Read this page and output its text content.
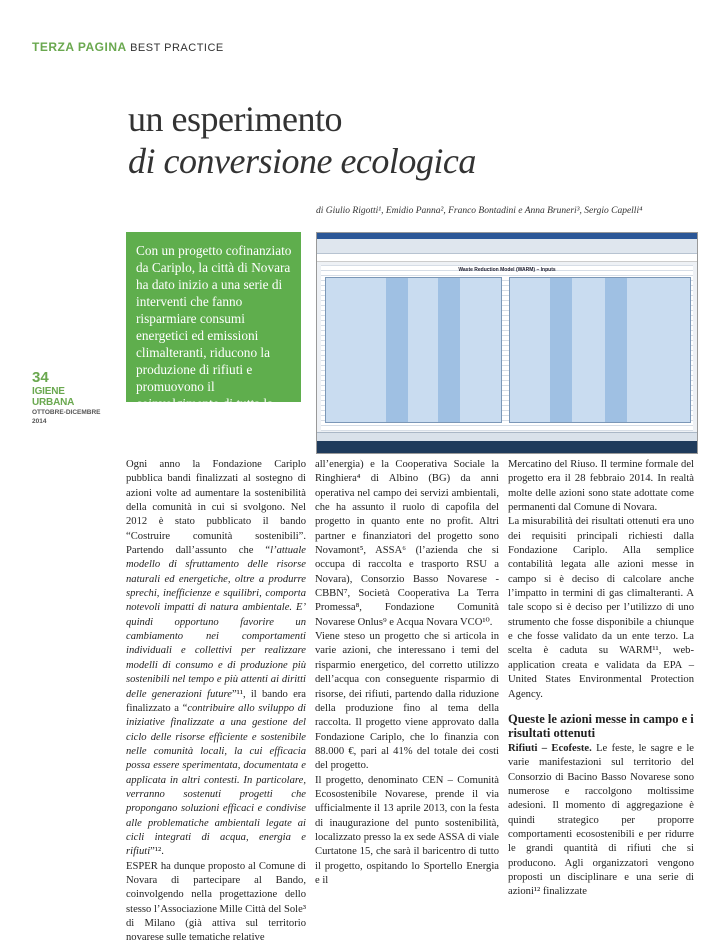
TERZA PAGINA BEST PRACTICE
un esperimento
di conversione ecologica
di Giulio Rigotti¹, Emidio Panna², Franco Bontadini e Anna Bruneri³, Sergio Capelli⁴
Con un progetto cofinanziato da Cariplo, la città di Novara ha dato inizio a una serie di interventi che fanno risparmiare consumi energetici ed emissioni climalteranti, riducono la produzione di rifiuti e promuovono il coinvolgimento di tutta la cittadinanza.
34
IGIENE URBANA
OTTOBRE-DICEMBRE 2014
Waste Reduction Model (WARM) – Inputs

Ogni anno la Fondazione Cariplo pubblica bandi finalizzati al sostegno di azioni volte ad aumentare la sostenibilità della comunità in cui si svolgono. Nel 2012 è stato pubblicato il bando “Costruire comunità sostenibili”. Partendo dall’assunto che “l’attuale modello di sfruttamento delle risorse naturali ed energetiche, oltre a produrre sprechi, inefficienze e squilibri, comporta notevoli impatti di natura ambientale. E’ quindi opportuno favorire un cambiamento nei comportamenti individuali e collettivi per realizzare modelli di consumo e di produzione più sostenibili nel tempo e più attenti ai diritti delle generazioni future”¹¹, il bando era finalizzato a “contribuire allo sviluppo di iniziative finalizzate a una gestione del ciclo delle risorse efficiente e sostenibile nelle comunità locali, la cui efficacia possa essere sperimentata, documentata e applicata in altri contesti. In particolare, verranno sostenuti progetti che propongano soluzioni efficaci e condivise alle problematiche ambientali legate ai cicli integrati di acqua, energia e rifiuti”¹².

ESPER ha dunque proposto al Comune di Novara di partecipare al Bando, coinvolgendo nella progettazione dello stesso l’Associazione Mille Città del Sole³ di Milano (già attiva sul territorio novarese sulle tematiche relative

all’energia) e la Cooperativa Sociale la Ringhiera⁴ di Albino (BG) da anni operativa nel campo dei servizi ambientali, che ha assunto il ruolo di capofila del progetto in quanto ente no profit. Altri partner e finanziatori del progetto sono Novamont⁵, ASSA⁶ (l’azienda che si occupa di raccolta e trasporto RSU a Novara), Consorzio Basso Novarese - CBBN⁷, Società Cooperativa La Terra Promessa⁸, Fondazione Comunità Novarese Onlus⁹ e Acqua Novara VCO¹⁰.

Viene steso un progetto che si articola in varie azioni, che interessano i temi del risparmio energetico, del corretto utilizzo dell’acqua con conseguente risparmio di risorse, dei rifiuti, partendo dalla riduzione della produzione fino al tema della raccolta. Il progetto viene approvato dalla Fondazione Cariplo, che lo finanzia con 88.000 €, pari al 41% del totale dei costi del progetto.

Il progetto, denominato CEN – Comunità Ecosostenibile Novarese, prende il via ufficialmente il 13 aprile 2013, con la festa di inaugurazione del punto sostenibilità, localizzato presso la ex sede ASSA di viale Curtatone 15, che sarà il baricentro di tutto il progetto, ospitando lo Sportello Energia e il

Mercatino del Riuso. Il termine formale del progetto era il 28 febbraio 2014. In realtà molte delle azioni sono state adottate come permanenti dal Comune di Novara.

La misurabilità dei risultati ottenuti era uno dei requisiti principali richiesti dalla Fondazione Cariplo. Alla semplice contabilità legata alle azioni messe in campo si è deciso di calcolare anche l’impatto in termini di gas climalteranti. A tale scopo si è deciso per l’utilizzo di uno strumento che fosse disponibile a chiunque e che fosse validato da un ente terzo. La scelta è caduta su WARM¹¹, web-application creata e validata da EPA – United States Environmental Protection Agency.

Queste le azioni messe in campo e i risultati ottenuti

Rifiuti – Ecofeste. Le feste, le sagre e le varie manifestazioni sul territorio del Consorzio di Bacino Basso Novarese sono numerose e raccolgono moltissime adesioni. Il momento di aggregazione è quindi strategico per proporre comportamenti ecosostenibili e per ridurre le grandi quantità di rifiuti che si producono. Agli organizzatori vengono proposti un disciplinare e una serie di azioni¹² finalizzate
